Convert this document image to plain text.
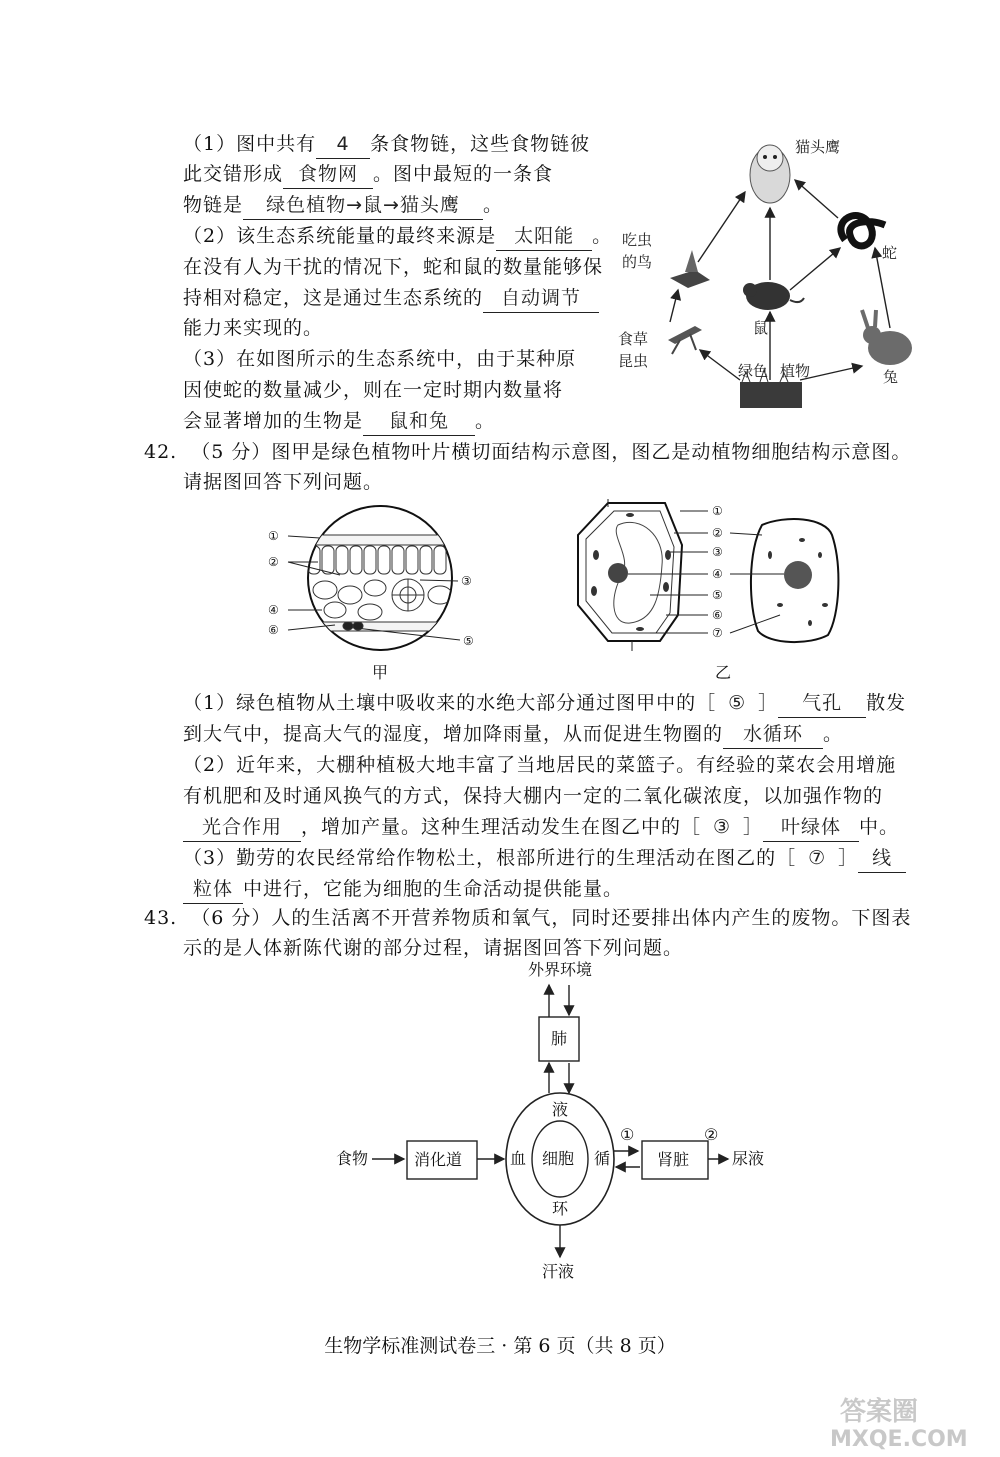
（1）图中共有 4 条食物链，这些食物链彼
此交错形成 食物网 。图中最短的一条食
物链是 绿色植物→鼠→猫头鹰 。
（2）该生态系统能量的最终来源是 太阳能 。
在没有人为干扰的情况下，蛇和鼠的数量能够保
持相对稳定，这是通过生态系统的 自动调节
能力来实现的。
（3）在如图所示的生态系统中，由于某种原
因使蛇的数量减少，则在一定时期内数量将
会显著增加的生物是 鼠和兔 。
猫头鹰
吃虫
的鸟	蛇
鼠
食草
昆虫
兔
绿色 植物
42. （5 分）图甲是绿色植物叶片横切面结构示意图，图乙是动植物细胞结构示意图。
请据图回答下列问题。
①
②
③
④
⑥
⑤
甲
①
②
③
④
⑤
⑥
⑦
乙
（1）绿色植物从土壤中吸收来的水绝大部分通过图甲中的［ ⑤ ］ 气孔 散发
到大气中，提高大气的湿度，增加降雨量，从而促进生物圈的 水循环 。
（2）近年来，大棚种植极大地丰富了当地居民的菜篮子。有经验的菜农会用增施
有机肥和及时通风换气的方式，保持大棚内一定的二氧化碳浓度，以加强作物的
光合作用 ，增加产量。这种生理活动发生在图乙中的［ ③ ］ 叶绿体 中。
（3）勤劳的农民经常给作物松土，根部所进行的生理活动在图乙的［ ⑦ ］ 线
粒体 中进行，它能为细胞的生命活动提供能量。
43. （6 分）人的生活离不开营养物质和氧气，同时还要排出体内产生的废物。下图表
示的是人体新陈代谢的部分过程，请据图回答下列问题。
外界环境
肺
液
血	循
环
细胞
食物	消化道
①
肾脏
②
尿液
汗液
生物学标准测试卷三 · 第 6 页（共 8 页）
答案圈
MXQE.COM
